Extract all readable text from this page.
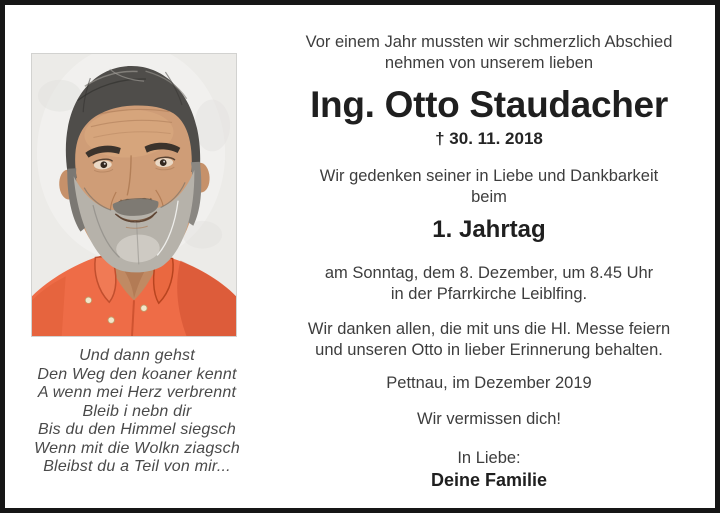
Und dann gehst
Den Weg den koaner kennt
A wenn mei Herz verbrennt
Bleib i nebn dir
Bis du den Himmel siegsch
Wenn mit die Wolkn ziagsch
Bleibst du a Teil von mir...
Vor einem Jahr mussten wir schmerzlich Abschied
nehmen von unserem lieben
Ing. Otto Staudacher
† 30. 11. 2018
Wir gedenken seiner in Liebe und Dankbarkeit
beim
1. Jahrtag
am Sonntag, dem 8. Dezember, um 8.45 Uhr
in der Pfarrkirche Leiblfing.
Wir danken allen, die mit uns die Hl. Messe feiern
und unseren Otto in lieber Erinnerung behalten.
Pettnau, im Dezember 2019
Wir vermissen dich!
In Liebe:
Deine Familie
